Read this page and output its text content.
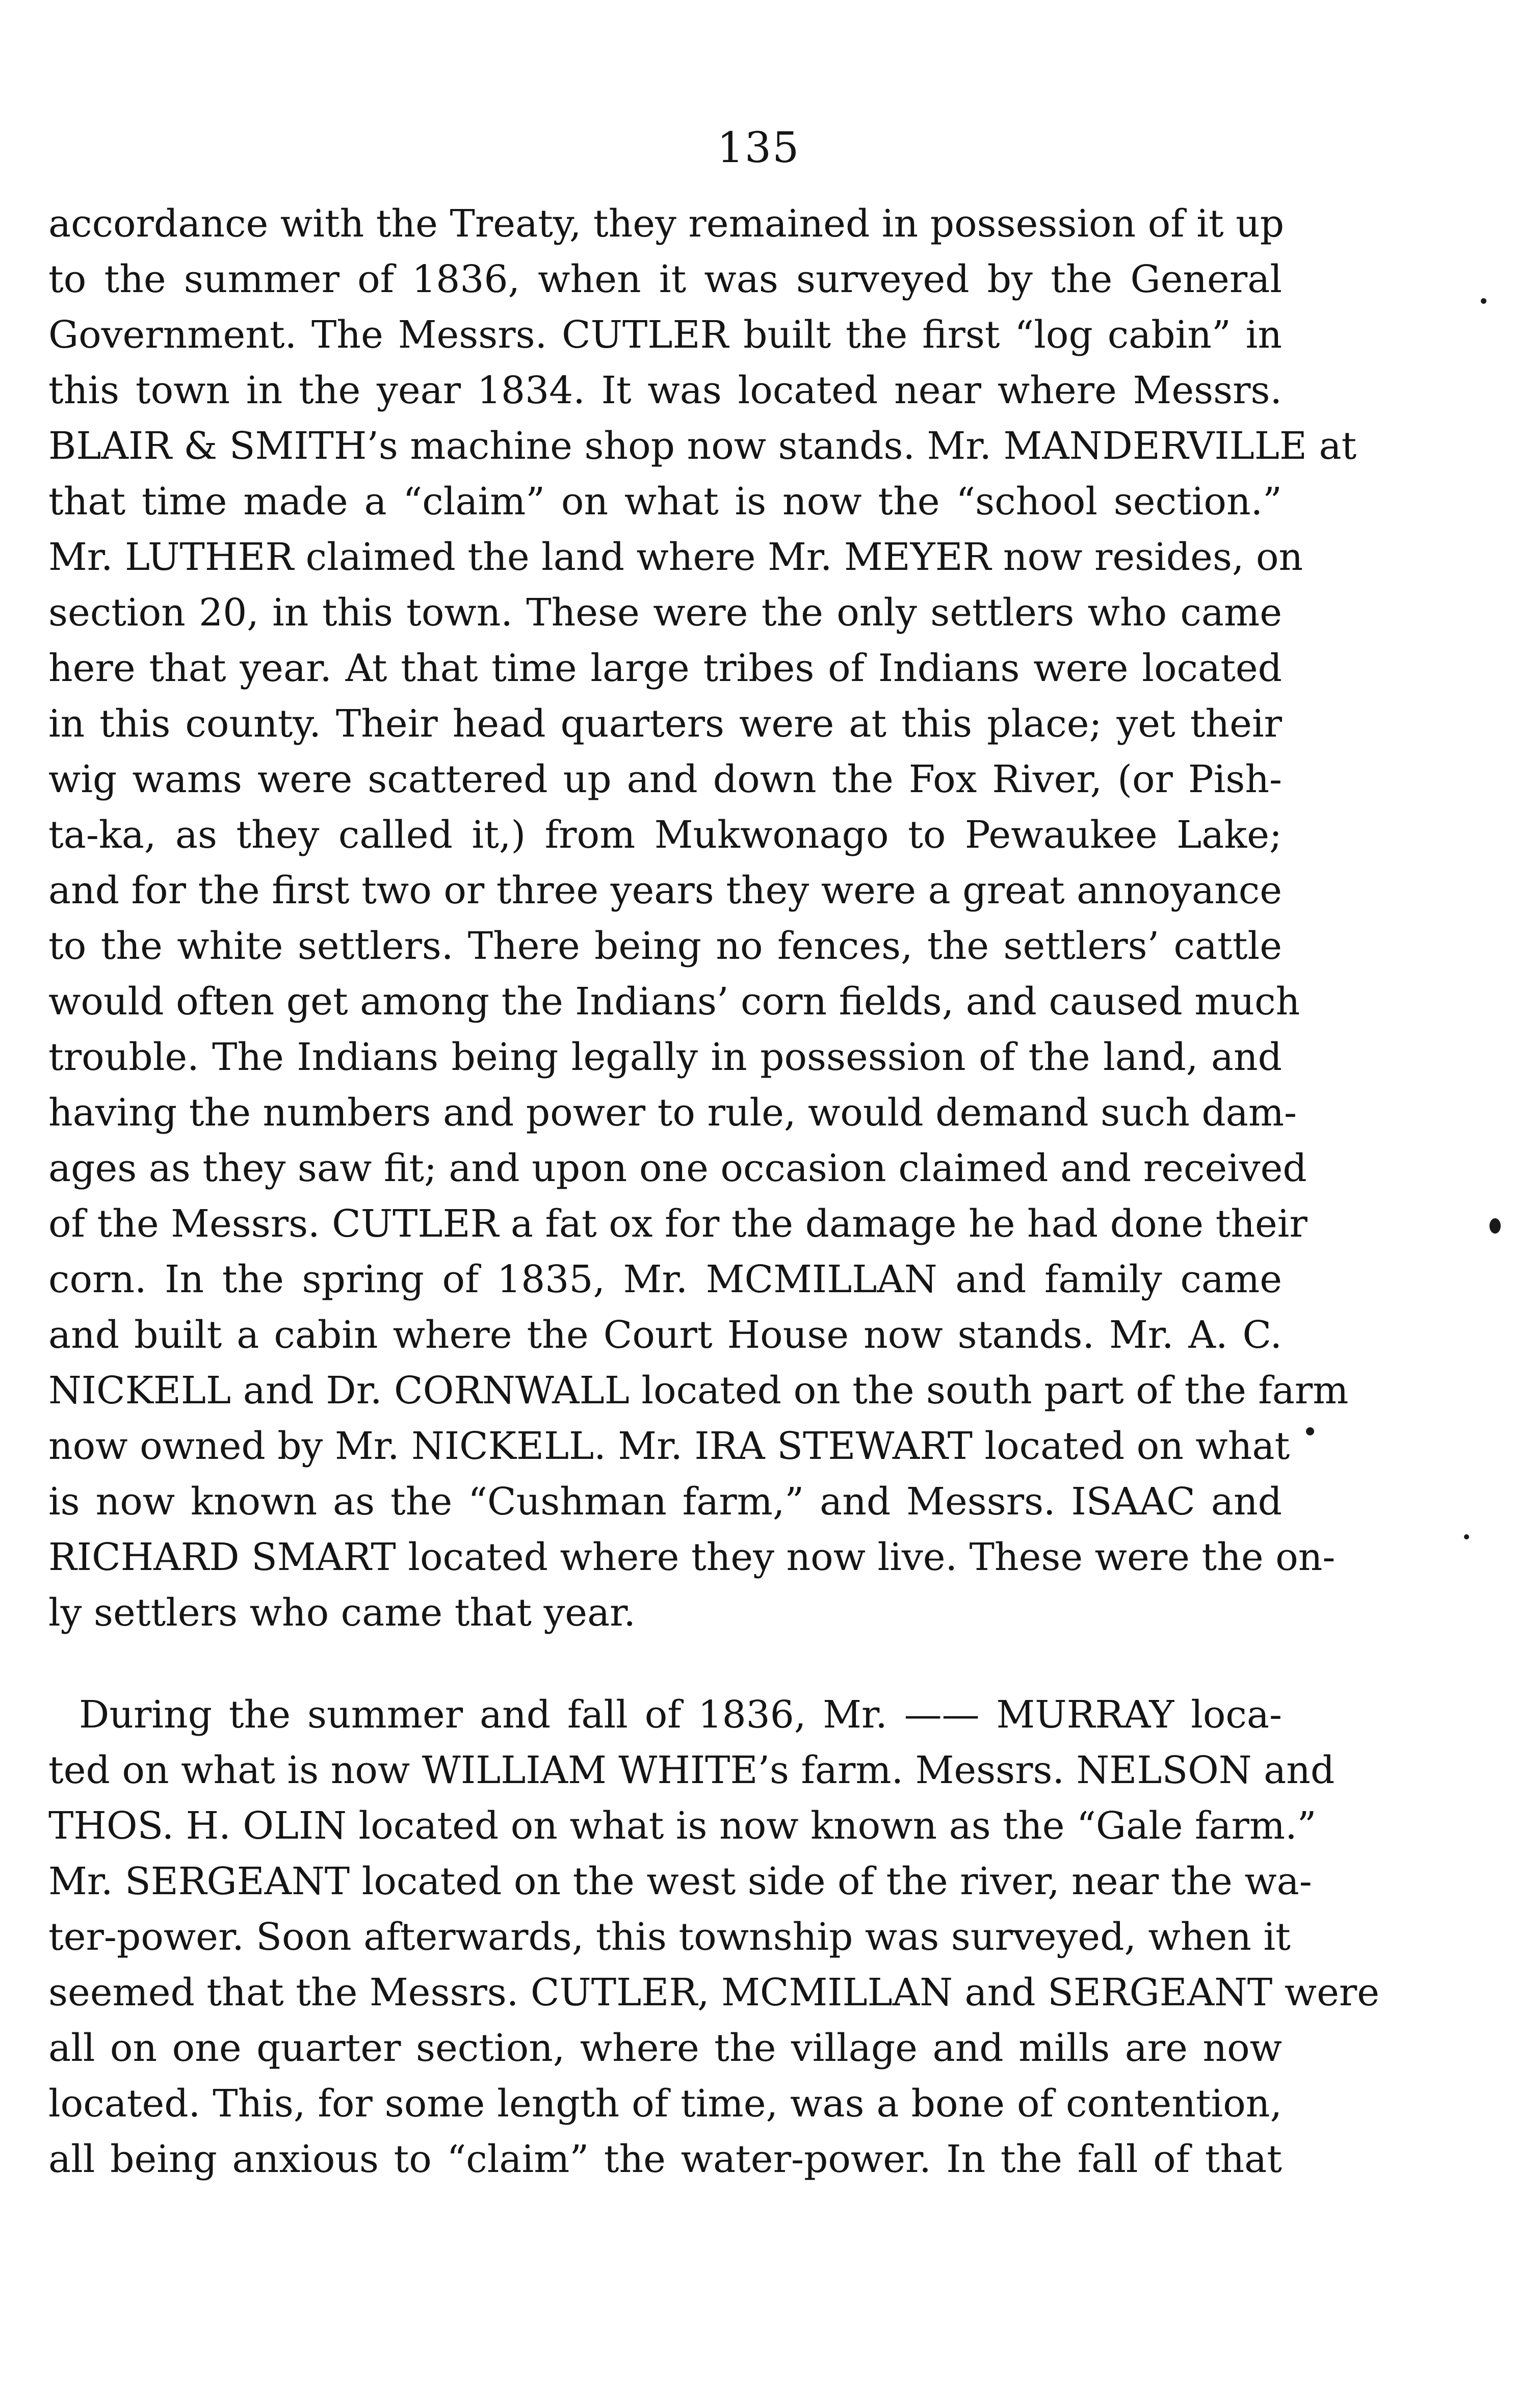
135
accordance with the Treaty, they remained in possession of it up
to the summer of 1836, when it was surveyed by the General
Government. The Messrs. CUTLER built the first “log cabin” in
this town in the year 1834. It was located near where Messrs.
BLAIR & SMITH’s machine shop now stands. Mr. MANDERVILLE at
that time made a “claim” on what is now the “school section.”
Mr. LUTHER claimed the land where Mr. MEYER now resides, on
section 20, in this town. These were the only settlers who came
here that year. At that time large tribes of Indians were located
in this county. Their head quarters were at this place; yet their
wig wams were scattered up and down the Fox River, (or Pish-
ta-ka, as they called it,) from Mukwonago to Pewaukee Lake;
and for the first two or three years they were a great annoyance
to the white settlers. There being no fences, the settlers’ cattle
would often get among the Indians’ corn fields, and caused much
trouble. The Indians being legally in possession of the land, and
having the numbers and power to rule, would demand such dam-
ages as they saw fit; and upon one occasion claimed and received
of the Messrs. CUTLER a fat ox for the damage he had done their
corn. In the spring of 1835, Mr. MCMILLAN and family came
and built a cabin where the Court House now stands. Mr. A. C.
NICKELL and Dr. CORNWALL located on the south part of the farm
now owned by Mr. NICKELL. Mr. IRA STEWART located on what
is now known as the “Cushman farm,” and Messrs. ISAAC and
RICHARD SMART located where they now live. These were the on-
ly settlers who came that year.
During the summer and fall of 1836, Mr. —— MURRAY loca-
ted on what is now WILLIAM WHITE’s farm. Messrs. NELSON and
THOS. H. OLIN located on what is now known as the “Gale farm.”
Mr. SERGEANT located on the west side of the river, near the wa-
ter-power. Soon afterwards, this township was surveyed, when it
seemed that the Messrs. CUTLER, MCMILLAN and SERGEANT were
all on one quarter section, where the village and mills are now
located. This, for some length of time, was a bone of contention,
all being anxious to “claim” the water-power. In the fall of that
